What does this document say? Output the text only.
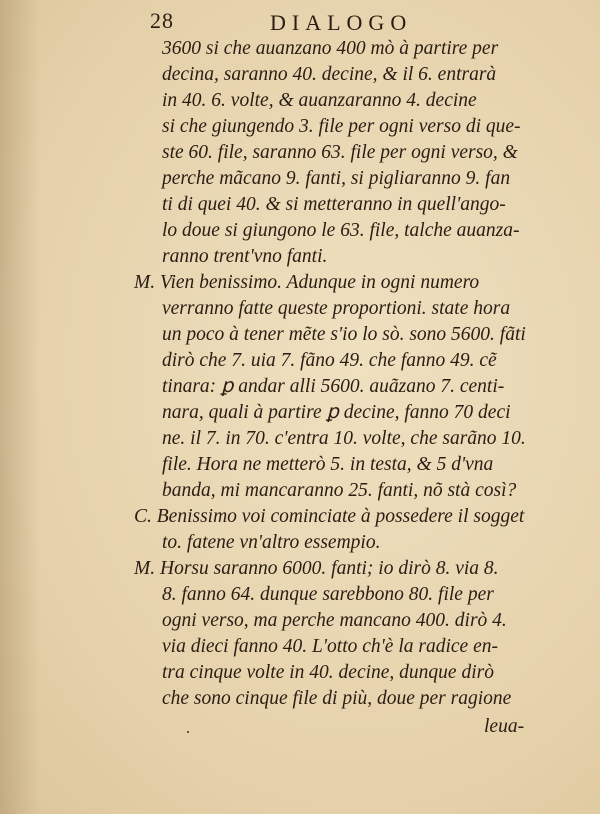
28	DIALOGO
3600 si che auanzano 400 mò à partire per
decina, saranno 40. decine, & il 6. entrarà
in 40. 6. volte, & auanzaranno 4. decine
si che giungendo 3. file per ogni verso di que-
ste 60. file, saranno 63. file per ogni verso, &
perche mãcano 9. fanti, si pigliaranno 9. fan
ti di quei 40. & si metteranno in quell'ango-
lo doue si giungono le 63. file, talche auanza-
ranno trent'vno fanti.
M. Vien benissimo. Adunque in ogni numero
verranno fatte queste proportioni. state hora
un poco à tener mẽte s'io lo sò. sono 5600. fãti
dirò che 7. uia 7. fãno 49. che fanno 49. cẽ
tinara: ꝑ andar alli 5600. auãzano 7. centi-
nara, quali à partire ꝑ decine, fanno 70 deci
ne. il 7. in 70. c'entra 10. volte, che sarãno 10.
file. Hora ne metterò 5. in testa, & 5 d'vna
banda, mi mancaranno 25. fanti, nõ stà così?
C. Benissimo voi cominciate à possedere il sogget
to. fatene vn'altro essempio.
M. Horsu saranno 6000. fanti; io dirò 8. via 8.
8. fanno 64. dunque sarebbono 80. file per
ogni verso, ma perche mancano 400. dirò 4.
via dieci fanno 40. L'otto ch'è la radice en-
tra cinque volte in 40. decine, dunque dirò
che sono cinque file di più, doue per ragione
.	leua-
